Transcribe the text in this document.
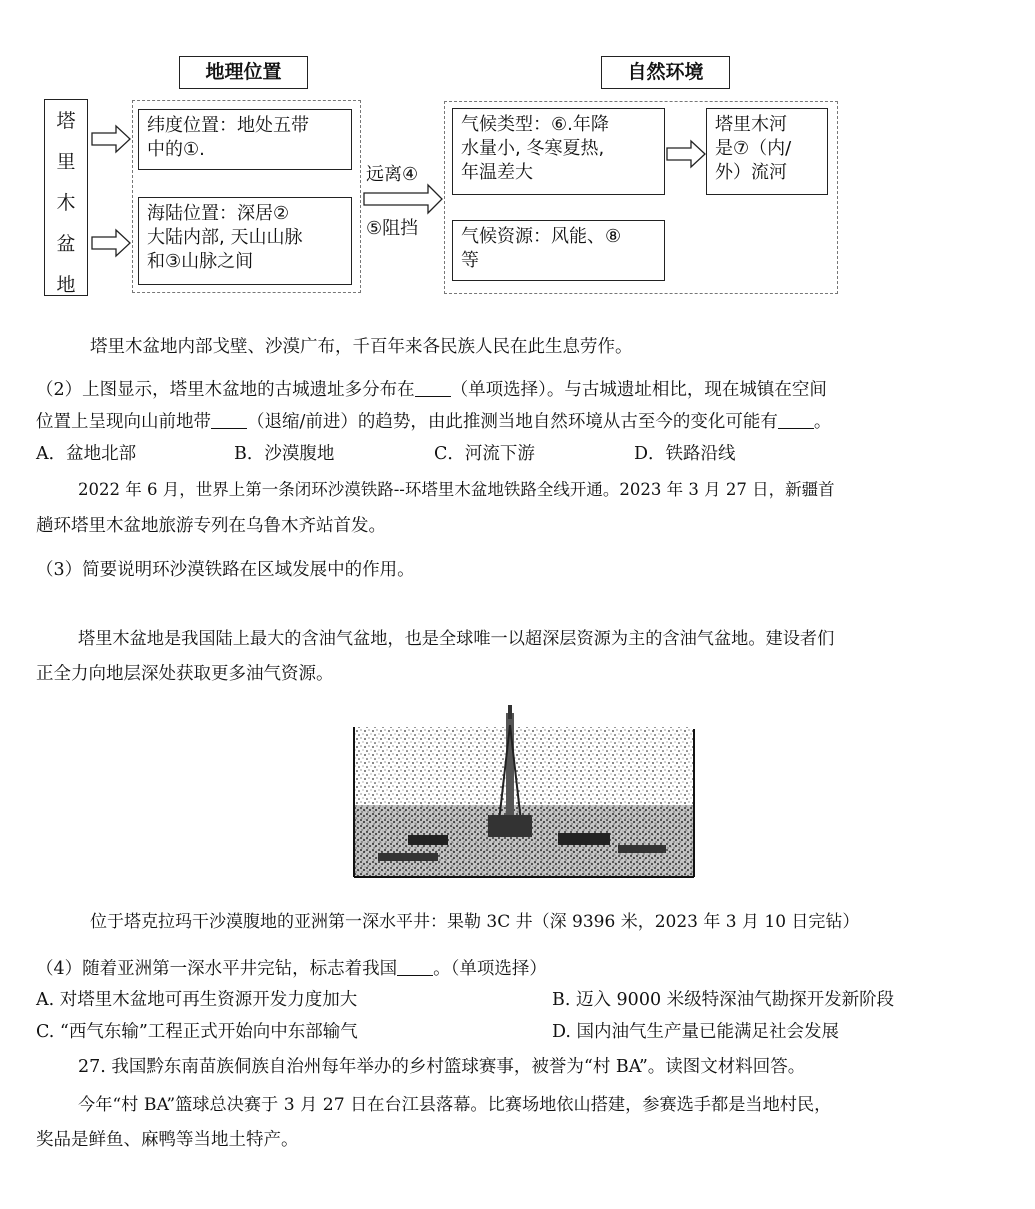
地理位置	自然环境
塔
里
木
盆
地
纬度位置：地处五带
中的①.
海陆位置：深居②
大陆内部, 天山山脉
和③山脉之间
远离④
⑤阻挡
气候类型：⑥.年降
水量小, 冬寒夏热,
年温差大
塔里木河
是⑦（内/
外）流河
气候资源：风能、⑧
等
塔里木盆地内部戈壁、沙漠广布，千百年来各民族人民在此生息劳作。
（2）上图显示，塔里木盆地的古城遗址多分布在 （单项选择）。与古城遗址相比，现在城镇在空间
位置上呈现向山前地带 （退缩/前进）的趋势，由此推测当地自然环境从古至今的变化可能有 。
A．盆地北部	B．沙漠腹地	C．河流下游	D．铁路沿线
2022 年 6 月，世界上第一条闭环沙漠铁路--环塔里木盆地铁路全线开通。2023 年 3 月 27 日，新疆首
趟环塔里木盆地旅游专列在乌鲁木齐站首发。
（3）简要说明环沙漠铁路在区域发展中的作用。
塔里木盆地是我国陆上最大的含油气盆地，也是全球唯一以超深层资源为主的含油气盆地。建设者们
正全力向地层深处获取更多油气资源。
位于塔克拉玛干沙漠腹地的亚洲第一深水平井：果勒 3C 井（深 9396 米，2023 年 3 月 10 日完钻）
（4）随着亚洲第一深水平井完钻，标志着我国 。（单项选择）
A. 对塔里木盆地可再生资源开发力度加大	B. 迈入 9000 米级特深油气勘探开发新阶段
C. “西气东输”工程正式开始向中东部输气	D. 国内油气生产量已能满足社会发展
27. 我国黔东南苗族侗族自治州每年举办的乡村篮球赛事，被誉为“村 BA”。读图文材料回答。
今年“村 BA”篮球总决赛于 3 月 27 日在台江县落幕。比赛场地依山搭建，参赛选手都是当地村民，
奖品是鲜鱼、麻鸭等当地土特产。
